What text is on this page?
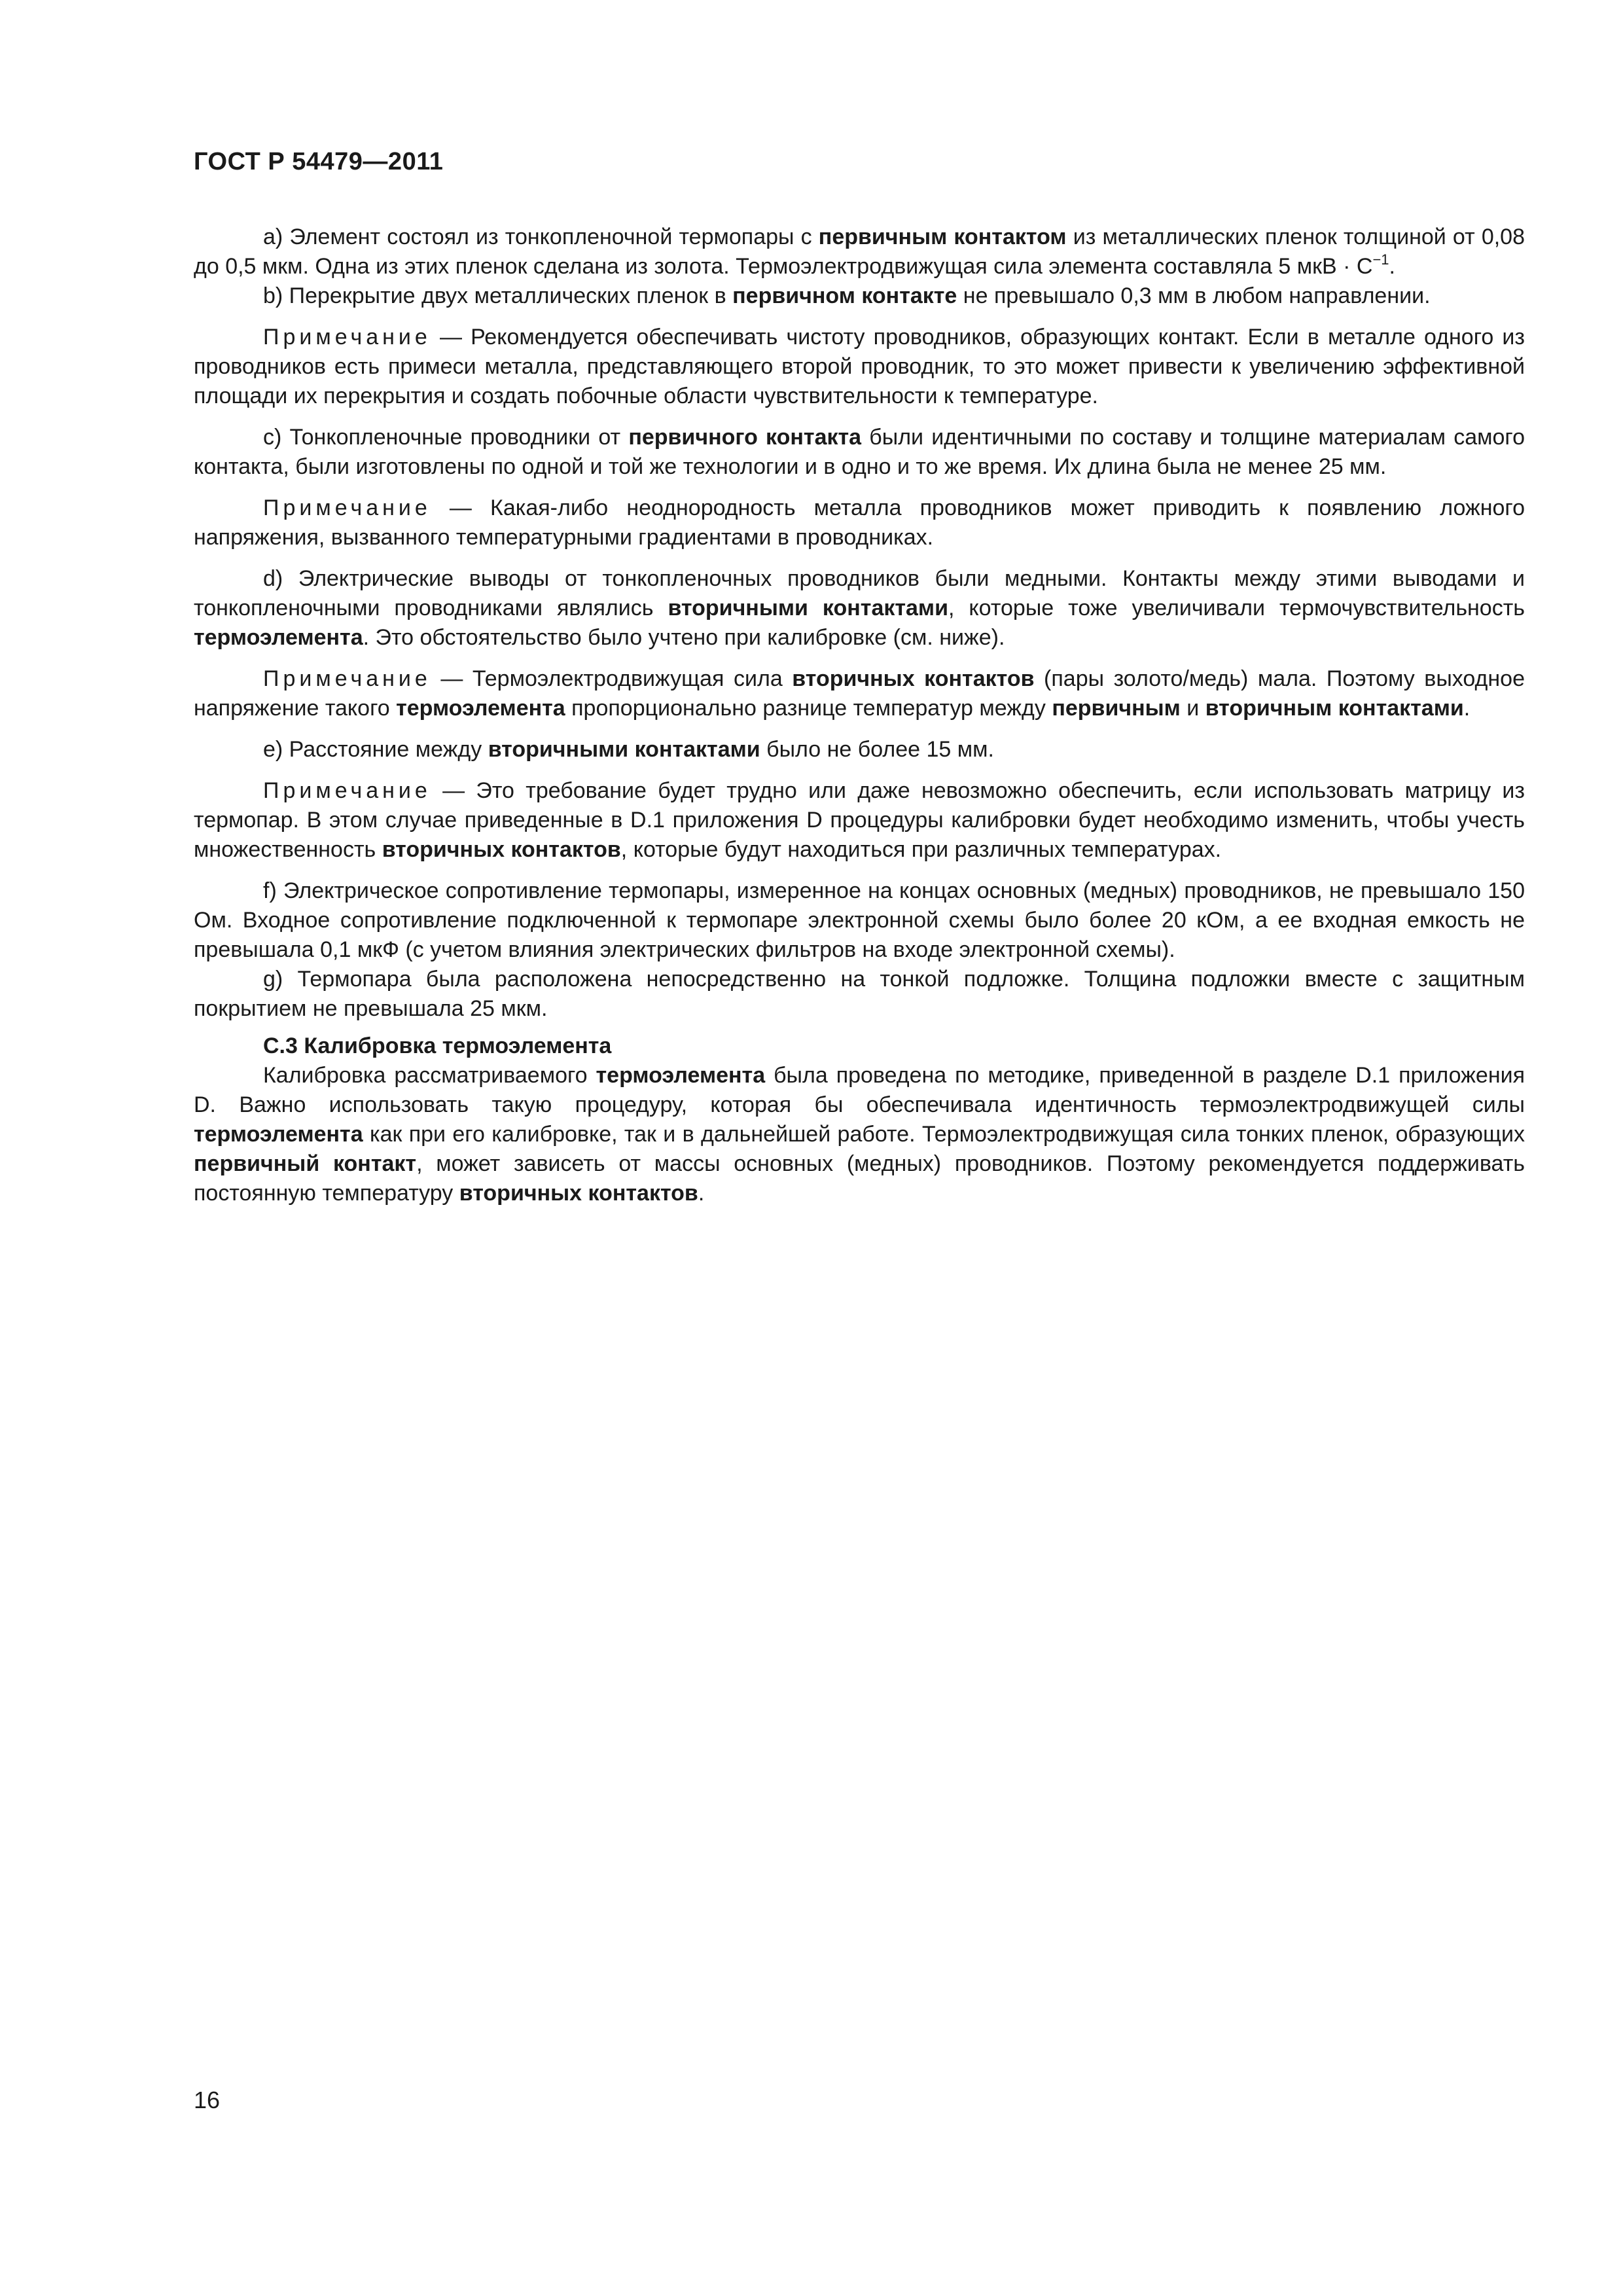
ГОСТ Р 54479—2011

а) Элемент состоял из тонкопленочной термопары с первичным контактом из металлических пленок толщиной от 0,08 до 0,5 мкм. Одна из этих пленок сделана из золота. Термоэлектродвижущая сила элемента составляла 5 мкВ · $С^{-1}$.

b) Перекрытие двух металлических пленок в первичном контакте не превышало 0,3 мм в любом направлении.

Примечание — Рекомендуется обеспечивать чистоту проводников, образующих контакт. Если в металле одного из проводников есть примеси металла, представляющего второй проводник, то это может привести к увеличению эффективной площади их перекрытия и создать побочные области чувствительности к температуре.

с) Тонкопленочные проводники от первичного контакта были идентичными по составу и толщине материалам самого контакта, были изготовлены по одной и той же технологии и в одно и то же время. Их длина была не менее 25 мм.

Примечание — Какая-либо неоднородность металла проводников может приводить к появлению ложного напряжения, вызванного температурными градиентами в проводниках.

d) Электрические выводы от тонкопленочных проводников были медными. Контакты между этими выводами и тонкопленочными проводниками являлись вторичными контактами, которые тоже увеличивали термочувствительность термоэлемента. Это обстоятельство было учтено при калибровке (см. ниже).

Примечание — Термоэлектродвижущая сила вторичных контактов (пары золото/медь) мала. Поэтому выходное напряжение такого термоэлемента пропорционально разнице температур между первичным и вторичным контактами.

е) Расстояние между вторичными контактами было не более 15 мм.

Примечание — Это требование будет трудно или даже невозможно обеспечить, если использовать матрицу из термопар. В этом случае приведенные в D.1 приложения D процедуры калибровки будет необходимо изменить, чтобы учесть множественность вторичных контактов, которые будут находиться при различных температурах.

f) Электрическое сопротивление термопары, измеренное на концах основных (медных) проводников, не превышало 150 Ом. Входное сопротивление подключенной к термопаре электронной схемы было более 20 кОм, а ее входная емкость не превышала 0,1 мкФ (с учетом влияния электрических фильтров на входе электронной схемы).

g) Термопара была расположена непосредственно на тонкой подложке. Толщина подложки вместе с защитным покрытием не превышала 25 мкм.

С.3 Калибровка термоэлемента

Калибровка рассматриваемого термоэлемента была проведена по методике, приведенной в разделе D.1 приложения D. Важно использовать такую процедуру, которая бы обеспечивала идентичность термоэлектродвижущей силы термоэлемента как при его калибровке, так и в дальнейшей работе. Термоэлектродвижущая сила тонких пленок, образующих первичный контакт, может зависеть от массы основных (медных) проводников. Поэтому рекомендуется поддерживать постоянную температуру вторичных контактов.

16
